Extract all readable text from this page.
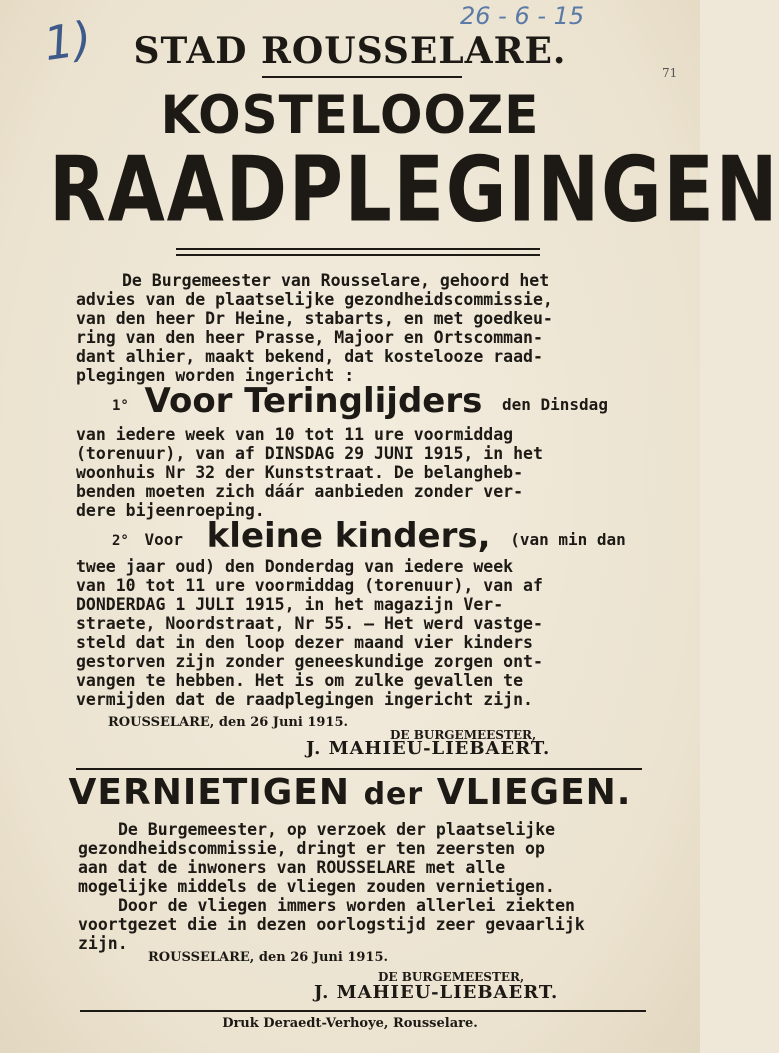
1)	26 - 6 - 15
71
STAD ROUSSELARE.
KOSTELOOZE
RAADPLEGINGEN

De Burgemeester van Rousselare, gehoord het

advies van de plaatselijke gezondheidscommissie,

van den heer Dr Heine, stabarts, en met goedkeu-

ring van den heer Prasse, Majoor en Ortscomman-

dant alhier, maakt bekend, dat kostelooze raad-

plegingen worden ingericht :

1° Voor Teringlijders den Dinsdag

van iedere week van 10 tot 11 ure voormiddag

(torenuur), van af DINSDAG 29 JUNI 1915, in het

woonhuis Nr 32 der Kunststraat. De belangheb-

benden moeten zich dáár aanbieden zonder ver-

dere bijeenroeping.

2° Voor kleine kinders, (van min dan

twee jaar oud) den Donderdag van iedere week

van 10 tot 11 ure voormiddag (torenuur), van af

DONDERDAG 1 JULI 1915, in het magazijn Ver-

straete, Noordstraat, Nr 55. — Het werd vastge-

steld dat in den loop dezer maand vier kinders

gestorven zijn zonder geneeskundige zorgen ont-

vangen te hebben. Het is om zulke gevallen te

vermijden dat de raadplegingen ingericht zijn.

ROUSSELARE, den 26 Juni 1915.
DE BURGEMEESTER,
J. MAHIEU-LIEBAERT.
VERNIETIGEN der VLIEGEN.

De Burgemeester, op verzoek der plaatselijke

gezondheidscommissie, dringt er ten zeersten op

aan dat de inwoners van ROUSSELARE met alle

mogelijke middels de vliegen zouden vernietigen.

Door de vliegen immers worden allerlei ziekten

voortgezet die in dezen oorlogstijd zeer gevaarlijk

zijn.

ROUSSELARE, den 26 Juni 1915.
DE BURGEMEESTER,
J. MAHIEU-LIEBAERT.
Druk Deraedt-Verhoye, Rousselare.
